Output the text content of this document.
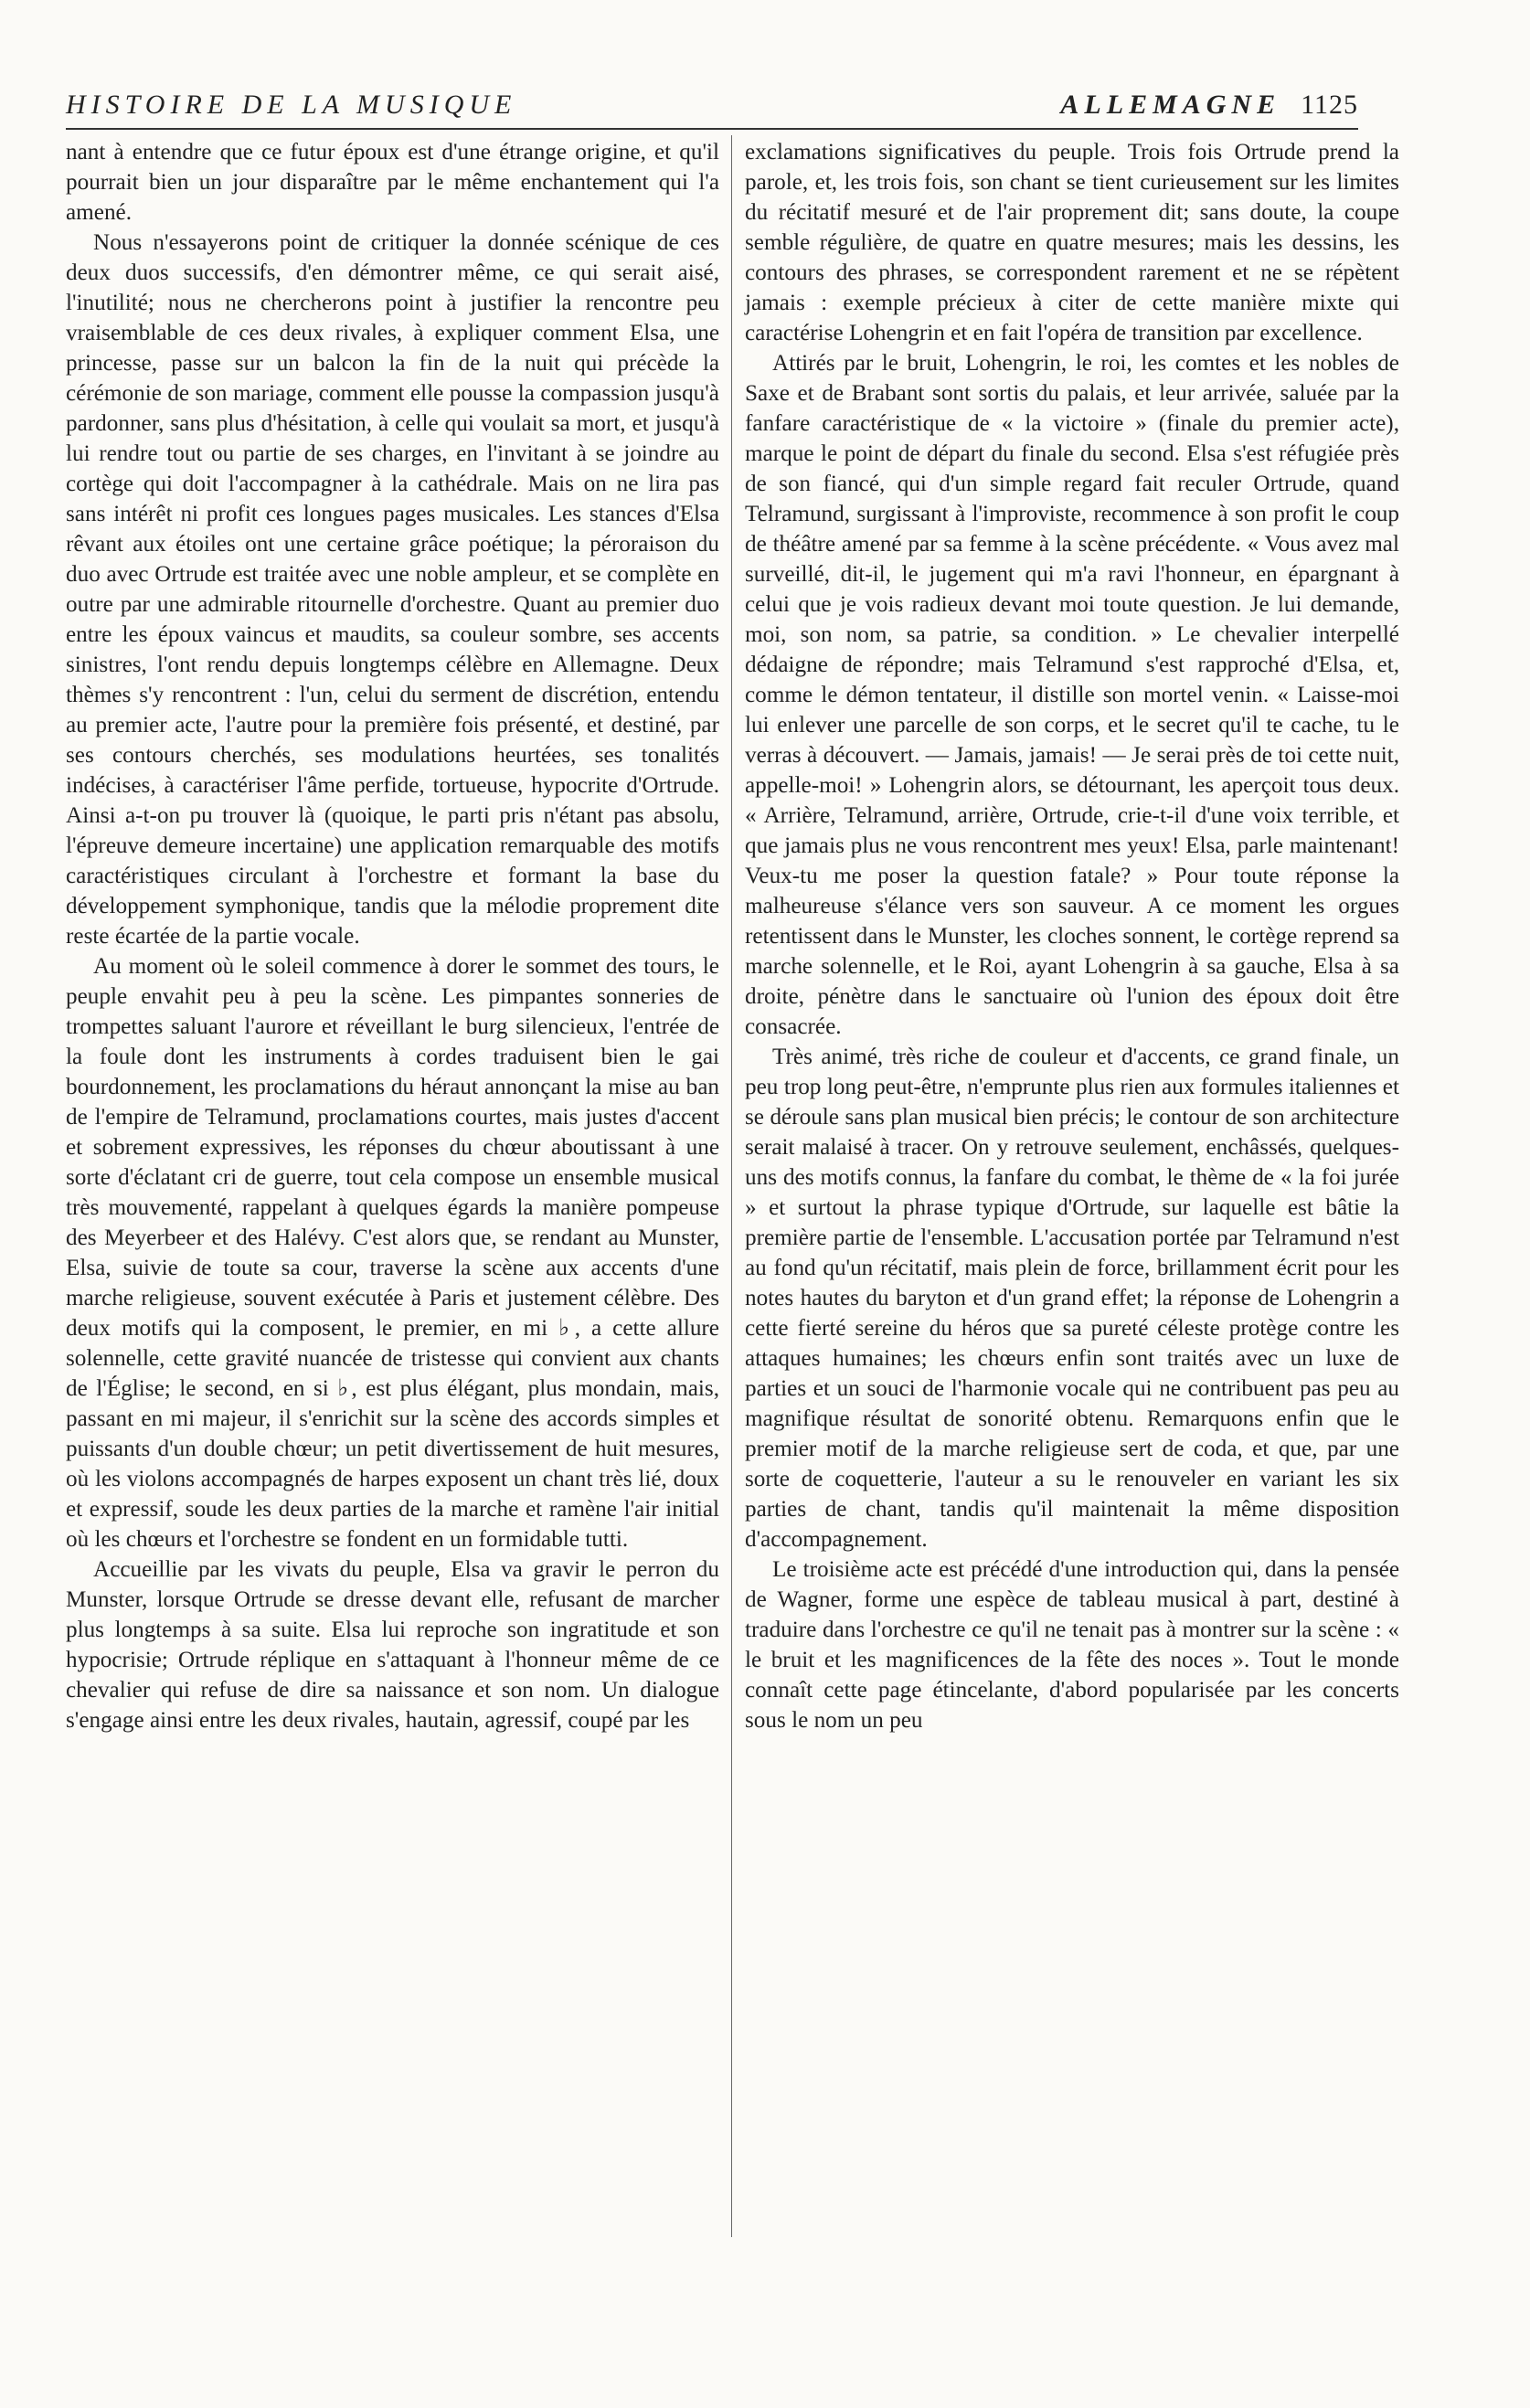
HISTOIRE DE LA MUSIQUE	ALLEMAGNE 1125

nant à entendre que ce futur époux est d'une étrange origine, et qu'il pourrait bien un jour disparaître par le même enchantement qui l'a amené.

Nous n'essayerons point de critiquer la donnée scénique de ces deux duos successifs, d'en démontrer même, ce qui serait aisé, l'inutilité; nous ne chercherons point à justifier la rencontre peu vraisemblable de ces deux rivales, à expliquer comment Elsa, une princesse, passe sur un balcon la fin de la nuit qui précède la cérémonie de son mariage, comment elle pousse la compassion jusqu'à pardonner, sans plus d'hésitation, à celle qui voulait sa mort, et jusqu'à lui rendre tout ou partie de ses charges, en l'invitant à se joindre au cortège qui doit l'accompagner à la cathédrale. Mais on ne lira pas sans intérêt ni profit ces longues pages musicales. Les stances d'Elsa rêvant aux étoiles ont une certaine grâce poétique; la péroraison du duo avec Ortrude est traitée avec une noble ampleur, et se complète en outre par une admirable ritournelle d'orchestre. Quant au premier duo entre les époux vaincus et maudits, sa couleur sombre, ses accents sinistres, l'ont rendu depuis longtemps célèbre en Allemagne. Deux thèmes s'y rencontrent : l'un, celui du serment de discrétion, entendu au premier acte, l'autre pour la première fois présenté, et destiné, par ses contours cherchés, ses modulations heurtées, ses tonalités indécises, à caractériser l'âme perfide, tortueuse, hypocrite d'Ortrude. Ainsi a-t-on pu trouver là (quoique, le parti pris n'étant pas absolu, l'épreuve demeure incertaine) une application remarquable des motifs caractéristiques circulant à l'orchestre et formant la base du développement symphonique, tandis que la mélodie proprement dite reste écartée de la partie vocale.

Au moment où le soleil commence à dorer le sommet des tours, le peuple envahit peu à peu la scène. Les pimpantes sonneries de trompettes saluant l'aurore et réveillant le burg silencieux, l'entrée de la foule dont les instruments à cordes traduisent bien le gai bourdonnement, les proclamations du héraut annonçant la mise au ban de l'empire de Telramund, proclamations courtes, mais justes d'accent et sobrement expressives, les réponses du chœur aboutissant à une sorte d'éclatant cri de guerre, tout cela compose un ensemble musical très mouvementé, rappelant à quelques égards la manière pompeuse des Meyerbeer et des Halévy. C'est alors que, se rendant au Munster, Elsa, suivie de toute sa cour, traverse la scène aux accents d'une marche religieuse, souvent exécutée à Paris et justement célèbre. Des deux motifs qui la composent, le premier, en mi ♭, a cette allure solennelle, cette gravité nuancée de tristesse qui convient aux chants de l'Église; le second, en si ♭, est plus élégant, plus mondain, mais, passant en mi majeur, il s'enrichit sur la scène des accords simples et puissants d'un double chœur; un petit divertissement de huit mesures, où les violons accompagnés de harpes exposent un chant très lié, doux et expressif, soude les deux parties de la marche et ramène l'air initial où les chœurs et l'orchestre se fondent en un formidable tutti.

Accueillie par les vivats du peuple, Elsa va gravir le perron du Munster, lorsque Ortrude se dresse devant elle, refusant de marcher plus longtemps à sa suite. Elsa lui reproche son ingratitude et son hypocrisie; Ortrude réplique en s'attaquant à l'honneur même de ce chevalier qui refuse de dire sa naissance et son nom. Un dialogue s'engage ainsi entre les deux rivales, hautain, agressif, coupé par les

exclamations significatives du peuple. Trois fois Ortrude prend la parole, et, les trois fois, son chant se tient curieusement sur les limites du récitatif mesuré et de l'air proprement dit; sans doute, la coupe semble régulière, de quatre en quatre mesures; mais les dessins, les contours des phrases, se correspondent rarement et ne se répètent jamais : exemple précieux à citer de cette manière mixte qui caractérise Lohengrin et en fait l'opéra de transition par excellence.

Attirés par le bruit, Lohengrin, le roi, les comtes et les nobles de Saxe et de Brabant sont sortis du palais, et leur arrivée, saluée par la fanfare caractéristique de « la victoire » (finale du premier acte), marque le point de départ du finale du second. Elsa s'est réfugiée près de son fiancé, qui d'un simple regard fait reculer Ortrude, quand Telramund, surgissant à l'improviste, recommence à son profit le coup de théâtre amené par sa femme à la scène précédente. « Vous avez mal surveillé, dit-il, le jugement qui m'a ravi l'honneur, en épargnant à celui que je vois radieux devant moi toute question. Je lui demande, moi, son nom, sa patrie, sa condition. » Le chevalier interpellé dédaigne de répondre; mais Telramund s'est rapproché d'Elsa, et, comme le démon tentateur, il distille son mortel venin. « Laisse-moi lui enlever une parcelle de son corps, et le secret qu'il te cache, tu le verras à découvert. — Jamais, jamais! — Je serai près de toi cette nuit, appelle-moi! » Lohengrin alors, se détournant, les aperçoit tous deux. « Arrière, Telramund, arrière, Ortrude, crie-t-il d'une voix terrible, et que jamais plus ne vous rencontrent mes yeux! Elsa, parle maintenant! Veux-tu me poser la question fatale? » Pour toute réponse la malheureuse s'élance vers son sauveur. A ce moment les orgues retentissent dans le Munster, les cloches sonnent, le cortège reprend sa marche solennelle, et le Roi, ayant Lohengrin à sa gauche, Elsa à sa droite, pénètre dans le sanctuaire où l'union des époux doit être consacrée.

Très animé, très riche de couleur et d'accents, ce grand finale, un peu trop long peut-être, n'emprunte plus rien aux formules italiennes et se déroule sans plan musical bien précis; le contour de son architecture serait malaisé à tracer. On y retrouve seulement, enchâssés, quelques-uns des motifs connus, la fanfare du combat, le thème de « la foi jurée » et surtout la phrase typique d'Ortrude, sur laquelle est bâtie la première partie de l'ensemble. L'accusation portée par Telramund n'est au fond qu'un récitatif, mais plein de force, brillamment écrit pour les notes hautes du baryton et d'un grand effet; la réponse de Lohengrin a cette fierté sereine du héros que sa pureté céleste protège contre les attaques humaines; les chœurs enfin sont traités avec un luxe de parties et un souci de l'harmonie vocale qui ne contribuent pas peu au magnifique résultat de sonorité obtenu. Remarquons enfin que le premier motif de la marche religieuse sert de coda, et que, par une sorte de coquetterie, l'auteur a su le renouveler en variant les six parties de chant, tandis qu'il maintenait la même disposition d'accompagnement.

Le troisième acte est précédé d'une introduction qui, dans la pensée de Wagner, forme une espèce de tableau musical à part, destiné à traduire dans l'orchestre ce qu'il ne tenait pas à montrer sur la scène : « le bruit et les magnificences de la fête des noces ». Tout le monde connaît cette page étincelante, d'abord popularisée par les concerts sous le nom un peu
